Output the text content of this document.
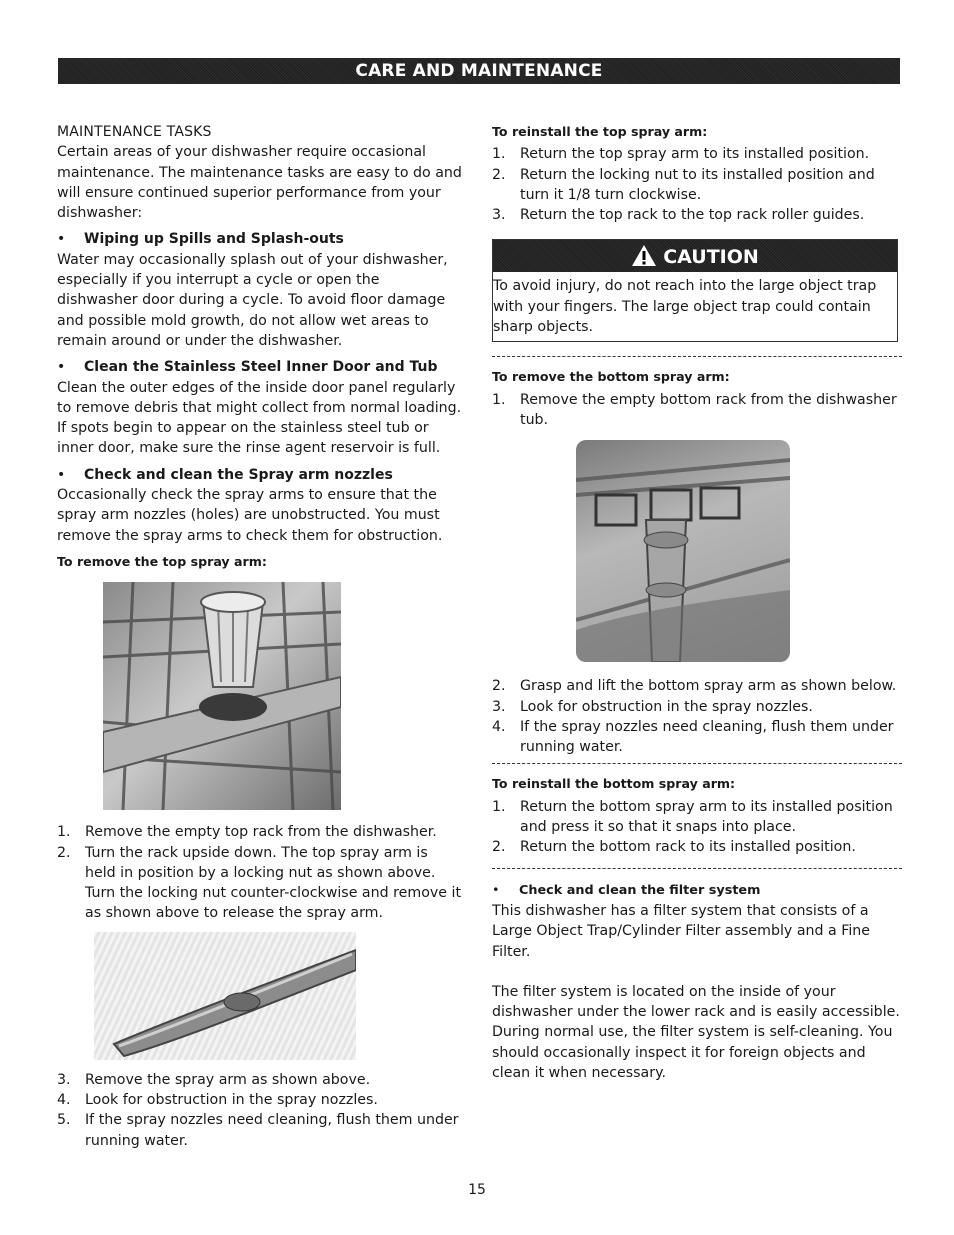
CARE AND MAINTENANCE

MAINTENANCE TASKS

Certain areas of your dishwasher require occasional maintenance. The maintenance tasks are easy to do and will ensure continued superior performance from your dishwasher:

• Wiping up Spills and Splash-outs

Water may occasionally splash out of your dishwasher, especially if you interrupt a cycle or open the dishwasher door during a cycle. To avoid floor damage and possible mold growth, do not allow wet areas to remain around or under the dishwasher.

• Clean the Stainless Steel Inner Door and Tub

Clean the outer edges of the inside door panel regularly to remove debris that might collect from normal loading. If spots begin to appear on the stainless steel tub or inner door, make sure the rinse agent reservoir is full.

• Check and clean the Spray arm nozzles

Occasionally check the spray arms to ensure that the spray arm nozzles (holes) are unobstructed. You must remove the spray arms to check them for obstruction.

To remove the top spray arm:

1. Remove the empty top rack from the dishwasher.
2. Turn the rack upside down. The top spray arm is held in position by a locking nut as shown above. Turn the locking nut counter-clockwise and remove it as shown above to release the spray arm.
3. Remove the spray arm as shown above.
4. Look for obstruction in the spray nozzles.
5. If the spray nozzles need cleaning, flush them under running water.

To reinstall the top spray arm:

1. Return the top spray arm to its installed position.
2. Return the locking nut to its installed position and turn it 1/8 turn clockwise.
3. Return the top rack to the top rack roller guides.
CAUTION
To avoid injury, do not reach into the large object trap with your fingers. The large object trap could contain sharp objects.

To remove the bottom spray arm:

1. Remove the empty bottom rack from the dishwasher tub.
2. Grasp and lift the bottom spray arm as shown below.
3. Look for obstruction in the spray nozzles.
4. If the spray nozzles need cleaning, flush them under running water.

To reinstall the bottom spray arm:

1. Return the bottom spray arm to its installed position and press it so that it snaps into place.
2. Return the bottom rack to its installed position.

• Check and clean the filter system

This dishwasher has a filter system that consists of a Large Object Trap/Cylinder Filter assembly and a Fine Filter.

The filter system is located on the inside of your dishwasher under the lower rack and is easily accessible. During normal use, the filter system is self-cleaning. You should occasionally inspect it for foreign objects and clean it when necessary.

15
